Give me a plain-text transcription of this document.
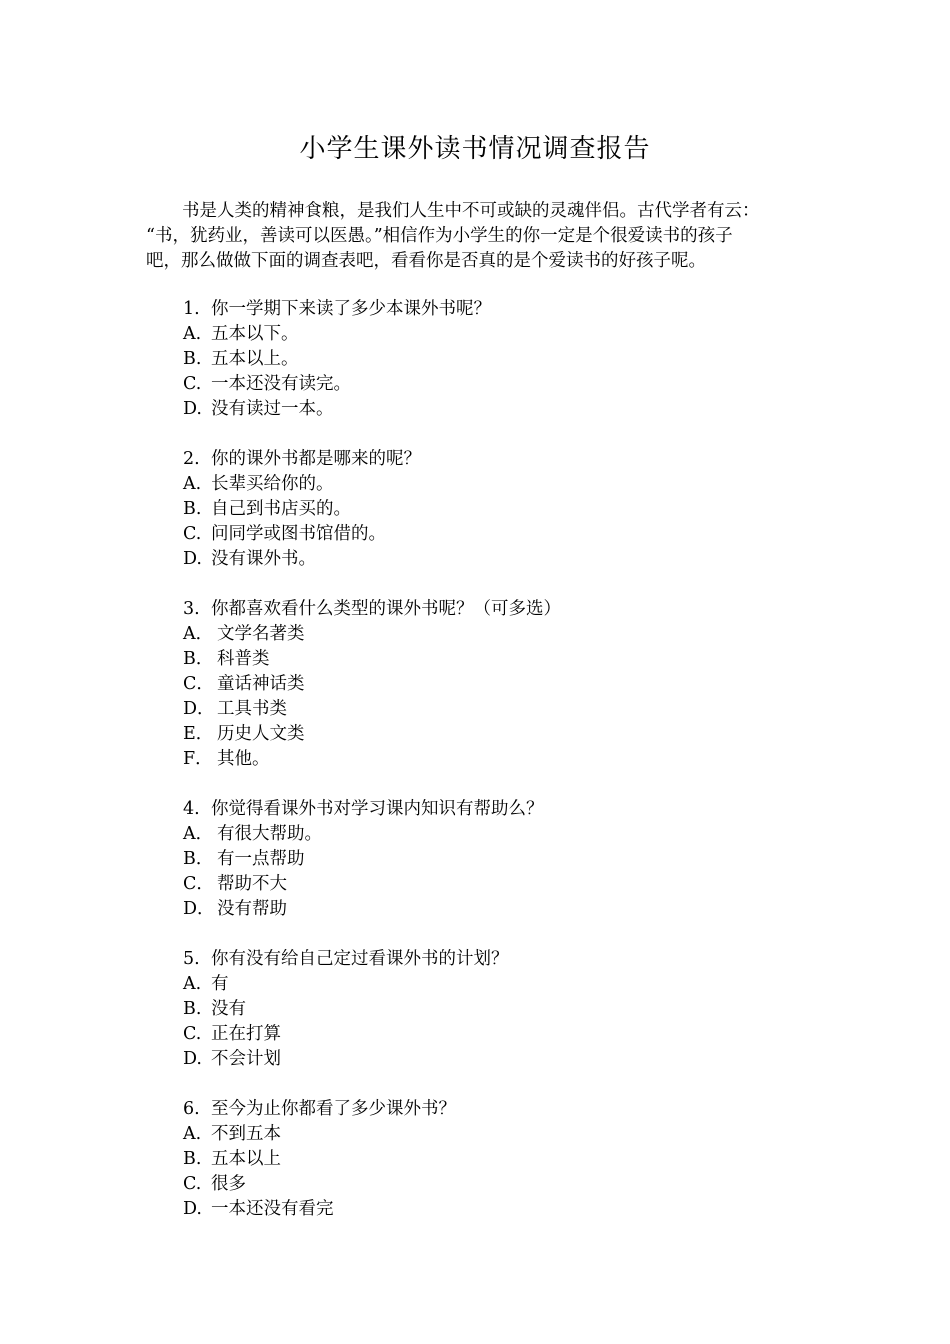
小学生课外读书情况调查报告

书是人类的精神食粮，是我们人生中不可或缺的灵魂伴侣。古代学者有云：

“书，犹药业，善读可以医愚。”相信作为小学生的你一定是个很爱读书的孩子

吧，那么做做下面的调查表吧，看看你是否真的是个爱读书的好孩子呢。

1. 你一学期下来读了多少本课外书呢？
A. 五本以下。
B. 五本以上。
C. 一本还没有读完。
D. 没有读过一本。
2. 你的课外书都是哪来的呢？
A. 长辈买给你的。
B. 自己到书店买的。
C. 问同学或图书馆借的。
D. 没有课外书。
3. 你都喜欢看什么类型的课外书呢？（可多选）
A． 文学名著类
B． 科普类
C． 童话神话类
D． 工具书类
E． 历史人文类
F． 其他。
4. 你觉得看课外书对学习课内知识有帮助么？
A． 有很大帮助。
B． 有一点帮助
C． 帮助不大
D． 没有帮助
5. 你有没有给自己定过看课外书的计划？
A. 有
B. 没有
C. 正在打算
D. 不会计划
6. 至今为止你都看了多少课外书？
A. 不到五本
B. 五本以上
C. 很多
D. 一本还没有看完
